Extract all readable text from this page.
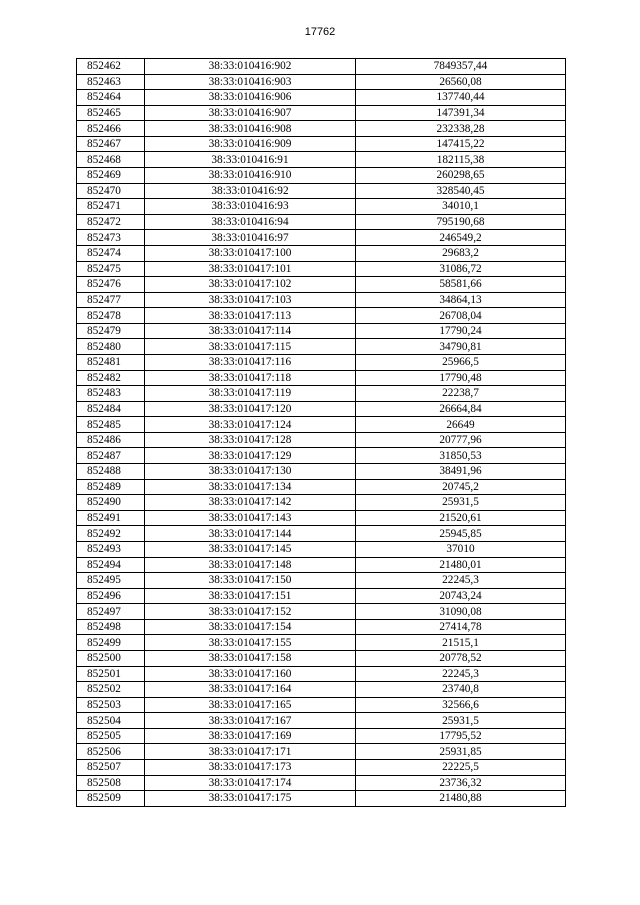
17762
852462	38:33:010416:902	7849357,44
852463	38:33:010416:903	26560,08
852464	38:33:010416:906	137740,44
852465	38:33:010416:907	147391,34
852466	38:33:010416:908	232338,28
852467	38:33:010416:909	147415,22
852468	38:33:010416:91	182115,38
852469	38:33:010416:910	260298,65
852470	38:33:010416:92	328540,45
852471	38:33:010416:93	34010,1
852472	38:33:010416:94	795190,68
852473	38:33:010416:97	246549,2
852474	38:33:010417:100	29683,2
852475	38:33:010417:101	31086,72
852476	38:33:010417:102	58581,66
852477	38:33:010417:103	34864,13
852478	38:33:010417:113	26708,04
852479	38:33:010417:114	17790,24
852480	38:33:010417:115	34790,81
852481	38:33:010417:116	25966,5
852482	38:33:010417:118	17790,48
852483	38:33:010417:119	22238,7
852484	38:33:010417:120	26664,84
852485	38:33:010417:124	26649
852486	38:33:010417:128	20777,96
852487	38:33:010417:129	31850,53
852488	38:33:010417:130	38491,96
852489	38:33:010417:134	20745,2
852490	38:33:010417:142	25931,5
852491	38:33:010417:143	21520,61
852492	38:33:010417:144	25945,85
852493	38:33:010417:145	37010
852494	38:33:010417:148	21480,01
852495	38:33:010417:150	22245,3
852496	38:33:010417:151	20743,24
852497	38:33:010417:152	31090,08
852498	38:33:010417:154	27414,78
852499	38:33:010417:155	21515,1
852500	38:33:010417:158	20778,52
852501	38:33:010417:160	22245,3
852502	38:33:010417:164	23740,8
852503	38:33:010417:165	32566,6
852504	38:33:010417:167	25931,5
852505	38:33:010417:169	17795,52
852506	38:33:010417:171	25931,85
852507	38:33:010417:173	22225,5
852508	38:33:010417:174	23736,32
852509	38:33:010417:175	21480,88
